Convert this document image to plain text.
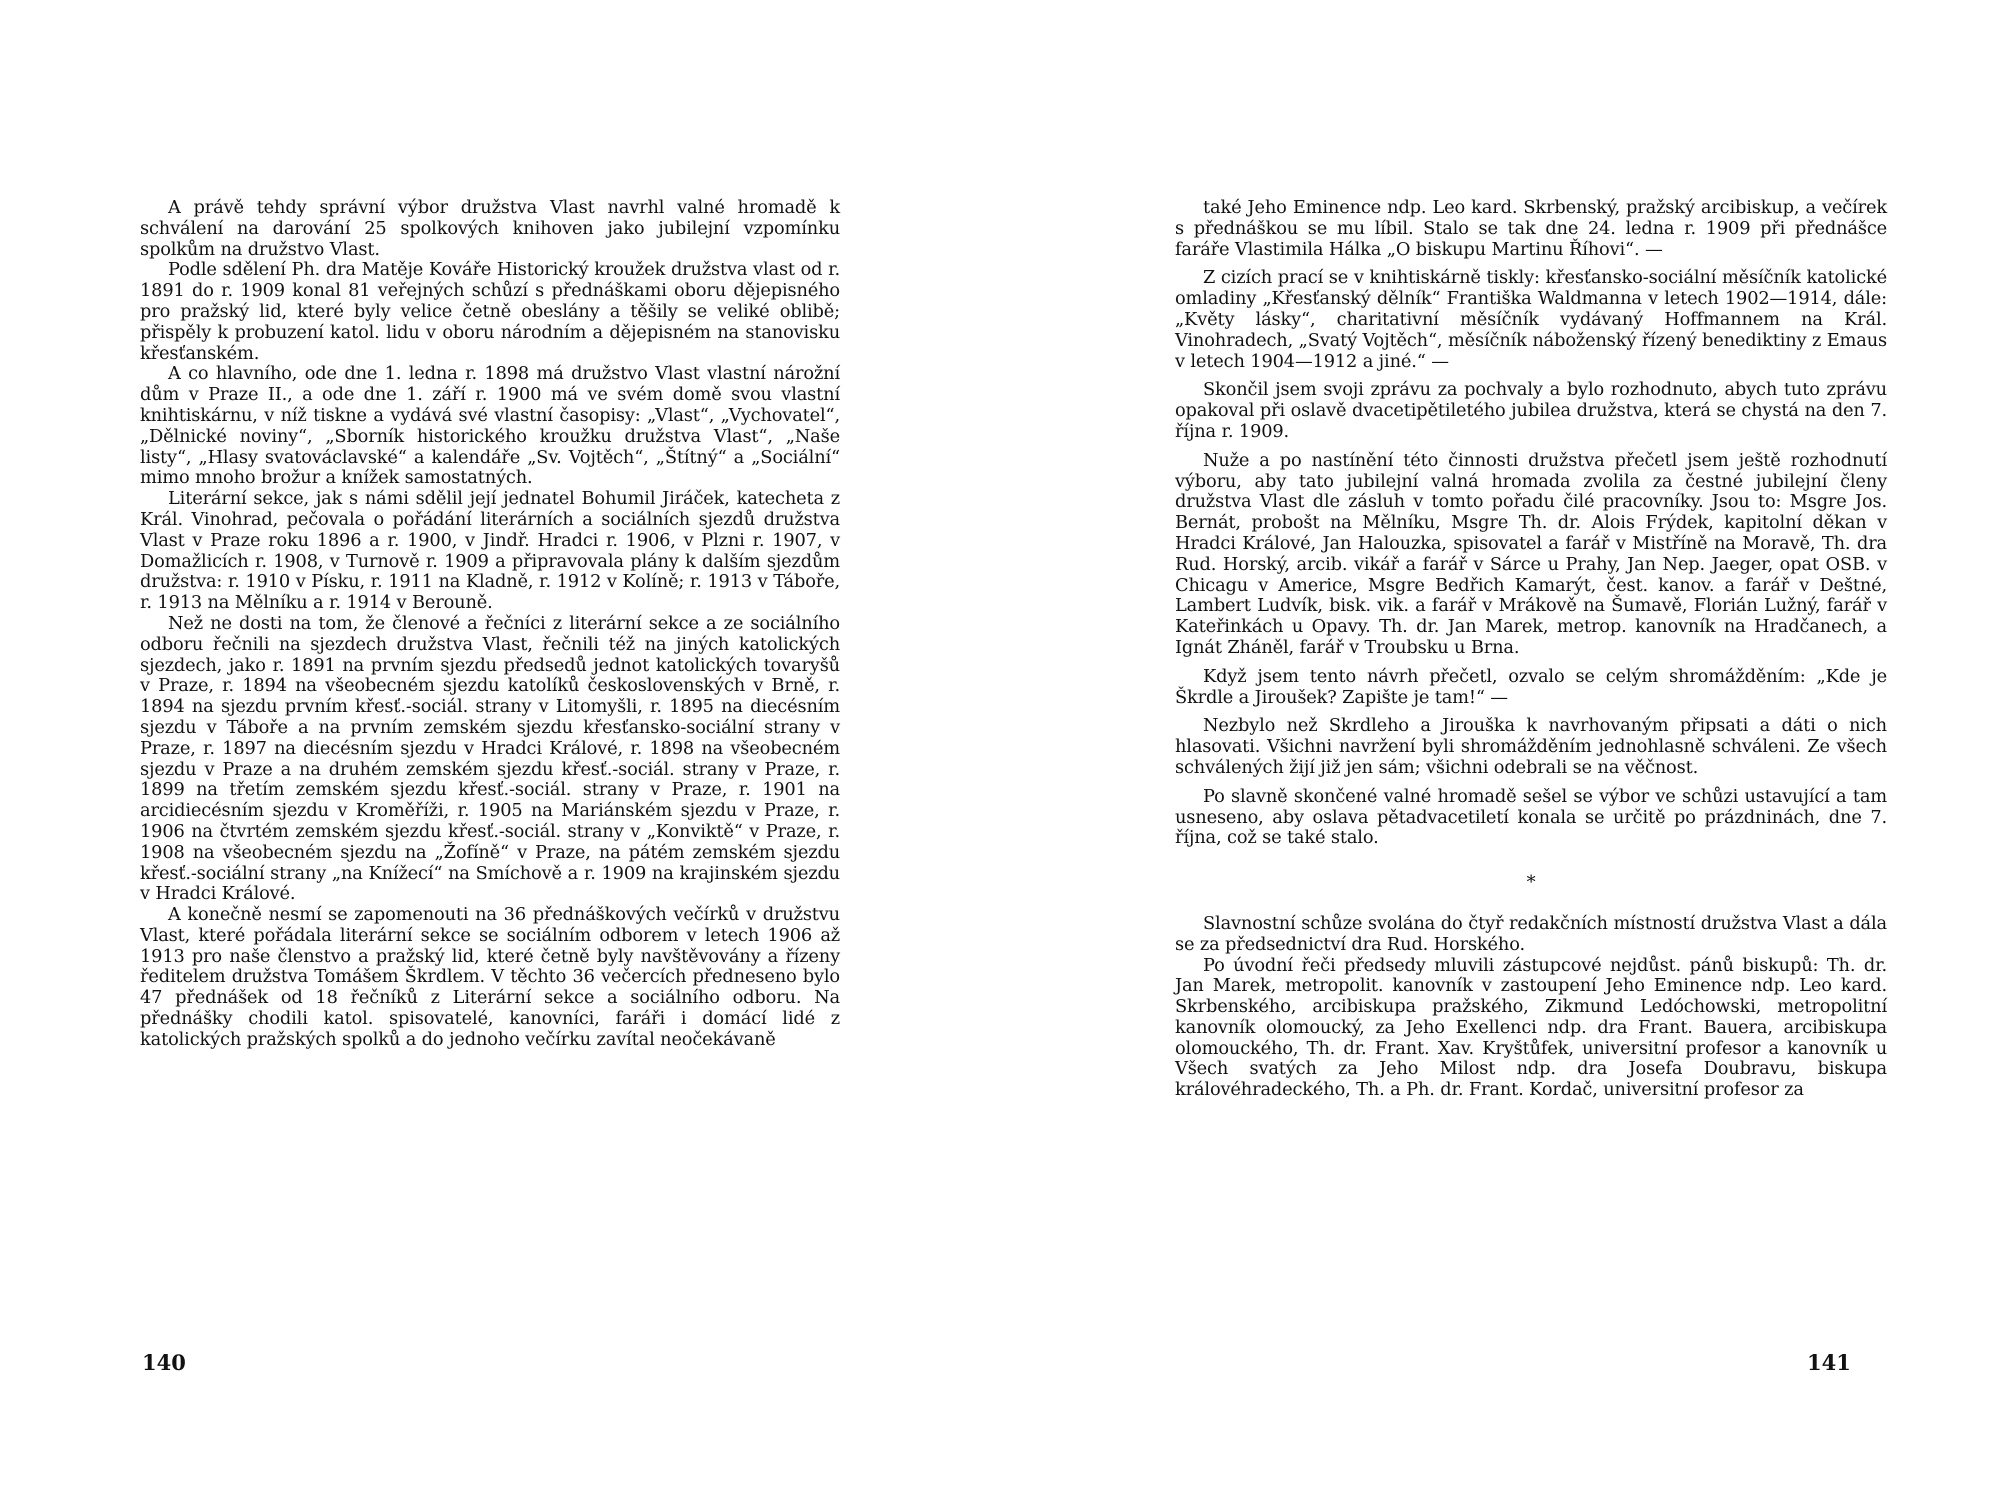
A právě tehdy správní výbor družstva Vlast navrhl valné hromadě k schválení na darování 25 spolkových knihoven jako jubilejní vzpomínku spolkům na družstvo Vlast.

Podle sdělení Ph. dra Matěje Kováře Historický kroužek družstva vlast od r. 1891 do r. 1909 konal 81 veřejných schůzí s přednáškami oboru dějepisného pro pražský lid, které byly velice četně obeslány a těšily se veliké oblibě; přispěly k probuzení katol. lidu v oboru národním a dějepisném na stanovisku křesťanském.

A co hlavního, ode dne 1. ledna r. 1898 má družstvo Vlast vlastní nárožní dům v Praze II., a ode dne 1. září r. 1900 má ve svém domě svou vlastní knihtiskárnu, v níž tiskne a vydává své vlastní časopisy: „Vlast“, „Vychovatel“, „Dělnické noviny“, „Sborník historického kroužku družstva Vlast“, „Naše listy“, „Hlasy svatováclavské“ a kalendáře „Sv. Vojtěch“, „Štítný“ a „Sociální“ mimo mnoho brožur a knížek samostatných.

Literární sekce, jak s námi sdělil její jednatel Bohumil Jiráček, katecheta z Král. Vinohrad, pečovala o pořádání literárních a sociálních sjezdů družstva Vlast v Praze roku 1896 a r. 1900, v Jindř. Hradci r. 1906, v Plzni r. 1907, v Domažlicích r. 1908, v Turnově r. 1909 a připravovala plány k dalším sjezdům družstva: r. 1910 v Písku, r. 1911 na Kladně, r. 1912 v Kolíně; r. 1913 v Táboře, r. 1913 na Mělníku a r. 1914 v Berouně.

Než ne dosti na tom, že členové a řečníci z literární sekce a ze sociálního odboru řečnili na sjezdech družstva Vlast, řečnili též na jiných katolických sjezdech, jako r. 1891 na prvním sjezdu předsedů jednot katolických tovaryšů v Praze, r. 1894 na všeobecném sjezdu katolíků československých v Brně, r. 1894 na sjezdu prvním křesť.-sociál. strany v Litomyšli, r. 1895 na diecésním sjezdu v Táboře a na prvním zemském sjezdu křesťansko-sociální strany v Praze, r. 1897 na diecésním sjezdu v Hradci Králové, r. 1898 na všeobecném sjezdu v Praze a na druhém zemském sjezdu křesť.-sociál. strany v Praze, r. 1899 na třetím zemském sjezdu křesť.-sociál. strany v Praze, r. 1901 na arcidiecésním sjezdu v Kroměříži, r. 1905 na Mariánském sjezdu v Praze, r. 1906 na čtvrtém zemském sjezdu křesť.-sociál. strany v „Konviktě“ v Praze, r. 1908 na všeobecném sjezdu na „Žofíně“ v Praze, na pátém zemském sjezdu křesť.-sociální strany „na Knížecí“ na Smíchově a r. 1909 na krajinském sjezdu v Hradci Králové.

A konečně nesmí se zapomenouti na 36 přednáškových večírků v družstvu Vlast, které pořádala literární sekce se sociálním odborem v letech 1906 až 1913 pro naše členstvo a pražský lid, které četně byly navštěvovány a řízeny ředitelem družstva Tomášem Škrdlem. V těchto 36 večercích předneseno bylo 47 přednášek od 18 řečníků z Literární sekce a sociálního odboru. Na přednášky chodili katol. spisovatelé, kanovníci, faráři i domácí lidé z katolických pražských spolků a do jednoho večírku zavítal neočekávaně

140

také Jeho Eminence ndp. Leo kard. Skrbenský, pražský arcibiskup, a večírek s přednáškou se mu líbil. Stalo se tak dne 24. ledna r. 1909 při přednášce faráře Vlastimila Hálka „O biskupu Martinu Říhovi“. —

Z cizích prací se v knihtiskárně tiskly: křesťansko-sociální měsíčník katolické omladiny „Křesťanský dělník“ Františka Waldmanna v letech 1902—1914, dále: „Květy lásky“, charitativní měsíčník vydávaný Hoffmannem na Král. Vinohradech, „Svatý Vojtěch“, měsíčník náboženský řízený benediktiny z Emaus v letech 1904—1912 a jiné.“ —

Skončil jsem svoji zprávu za pochvaly a bylo rozhodnuto, abych tuto zprávu opakoval při oslavě dvacetipětiletého jubilea družstva, která se chystá na den 7. října r. 1909.

Nuže a po nastínění této činnosti družstva přečetl jsem ještě rozhodnutí výboru, aby tato jubilejní valná hromada zvolila za čestné jubilejní členy družstva Vlast dle zásluh v tomto pořadu čilé pracovníky. Jsou to: Msgre Jos. Bernát, probošt na Mělníku, Msgre Th. dr. Alois Frýdek, kapitolní děkan v Hradci Králové, Jan Halouzka, spisovatel a farář v Mistříně na Moravě, Th. dra Rud. Horský, arcib. vikář a farář v Sárce u Prahy, Jan Nep. Jaeger, opat OSB. v Chicagu v Americe, Msgre Bedřich Kamarýt, čest. kanov. a farář v Deštné, Lambert Ludvík, bisk. vik. a farář v Mrákově na Šumavě, Florián Lužný, farář v Kateřinkách u Opavy. Th. dr. Jan Marek, metrop. kanovník na Hradčanech, a Ignát Zháněl, farář v Troubsku u Brna.

Když jsem tento návrh přečetl, ozvalo se celým shromážděním: „Kde je Škrdle a Jiroušek? Zapište je tam!“ —

Nezbylo než Skrdleho a Jirouška k navrhovaným připsati a dáti o nich hlasovati. Všichni navržení byli shromážděním jednohlasně schváleni. Ze všech schválených žijí již jen sám; všichni odebrali se na věčnost.

Po slavně skončené valné hromadě sešel se výbor ve schůzi ustavující a tam usneseno, aby oslava pětadvacetiletí konala se určitě po prázdninách, dne 7. října, což se také stalo.

*

Slavnostní schůze svolána do čtyř redakčních místností družstva Vlast a dála se za předsednictví dra Rud. Horského.

Po úvodní řeči předsedy mluvili zástupcové nejdůst. pánů biskupů: Th. dr. Jan Marek, metropolit. kanovník v zastoupení Jeho Eminence ndp. Leo kard. Skrbenského, arcibiskupa pražského, Zikmund Ledóchowski, metropolitní kanovník olomoucký, za Jeho Exellenci ndp. dra Frant. Bauera, arcibiskupa olomouckého, Th. dr. Frant. Xav. Kryštůfek, universitní profesor a kanovník u Všech svatých za Jeho Milost ndp. dra Josefa Doubravu, biskupa královéhradeckého, Th. a Ph. dr. Frant. Kordač, universitní profesor za

141
